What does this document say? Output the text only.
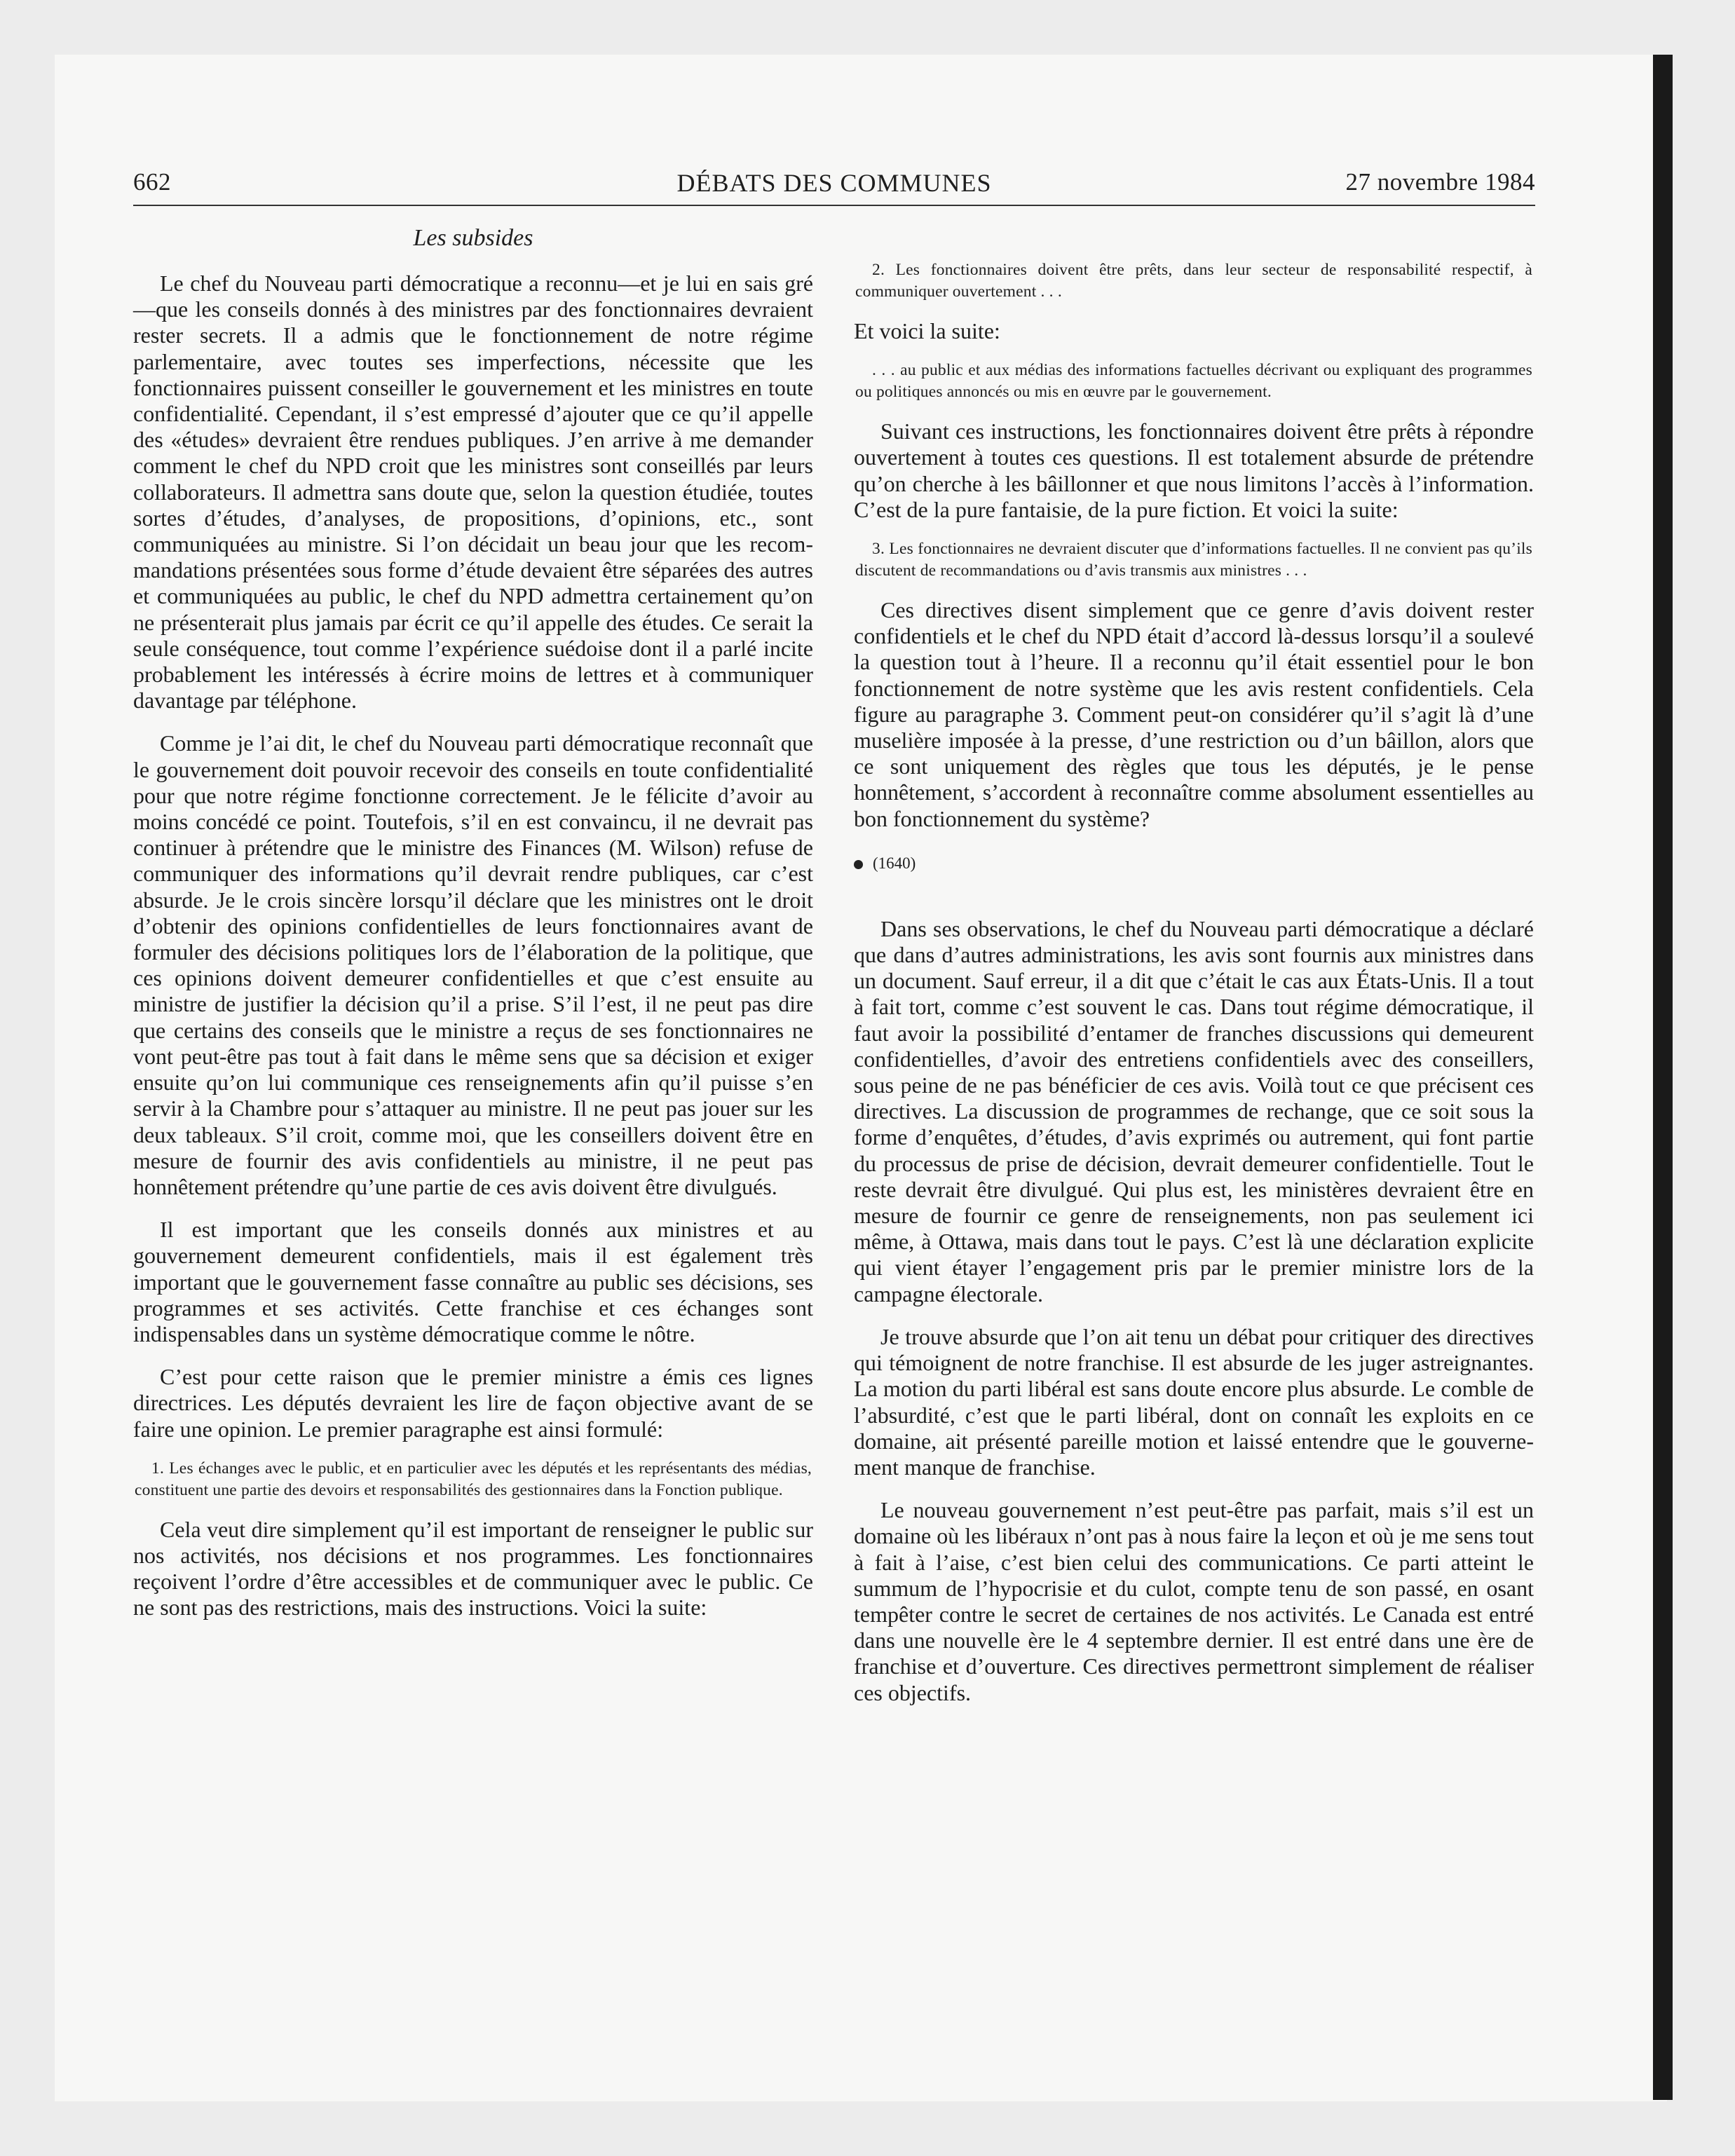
662	DÉBATS DES COMMUNES	27 novembre 1984

Les subsides

Le chef du Nouveau parti démocratique a reconnu—et je lui en sais gré—que les conseils donnés à des ministres par des fonctionnaires devraient rester secrets. Il a admis que le fonctionnement de notre régime parlementaire, avec toutes ses imperfections, nécessite que les fonctionnaires puissent conseiller le gouvernement et les ministres en toute confidentialité. Cependant, il s’est empressé d’ajouter que ce qu’il appelle des «études» devraient être rendues publiques. J’en arrive à me demander comment le chef du NPD croit que les ministres sont conseillés par leurs collaborateurs. Il admettra sans doute que, selon la question étudiée, toutes sortes d’études, d’analyses, de propositions, d’opinions, etc., sont communiquées au ministre. Si l’on décidait un beau jour que les recommandations présentées sous forme d’étude devaient être séparées des autres et communiquées au public, le chef du NPD admettra certainement qu’on ne présenterait plus jamais par écrit ce qu’il appelle des études. Ce serait la seule conséquence, tout comme l’expérience suédoise dont il a parlé incite probablement les intéressés à écrire moins de lettres et à communiquer davantage par téléphone.

Comme je l’ai dit, le chef du Nouveau parti démocratique reconnaît que le gouvernement doit pouvoir recevoir des conseils en toute confidentialité pour que notre régime fonctionne correctement. Je le félicite d’avoir au moins concédé ce point. Toutefois, s’il en est convaincu, il ne devrait pas continuer à prétendre que le ministre des Finances (M. Wilson) refuse de communiquer des informations qu’il devrait rendre publiques, car c’est absurde. Je le crois sincère lorsqu’il déclare que les ministres ont le droit d’obtenir des opinions confidentielles de leurs fonctionnaires avant de formuler des décisions politiques lors de l’élaboration de la politique, que ces opinions doivent demeurer confidentielles et que c’est ensuite au ministre de justifier la décision qu’il a prise. S’il l’est, il ne peut pas dire que certains des conseils que le ministre a reçus de ses fonctionnaires ne vont peut-être pas tout à fait dans le même sens que sa décision et exiger ensuite qu’on lui communique ces renseignements afin qu’il puisse s’en servir à la Chambre pour s’attaquer au ministre. Il ne peut pas jouer sur les deux tableaux. S’il croit, comme moi, que les conseillers doivent être en mesure de fournir des avis confidentiels au ministre, il ne peut pas honnêtement prétendre qu’une partie de ces avis doivent être divulgués.

Il est important que les conseils donnés aux ministres et au gouvernement demeurent confidentiels, mais il est également très important que le gouvernement fasse connaître au public ses décisions, ses programmes et ses activités. Cette franchise et ces échanges sont indispensables dans un système démocratique comme le nôtre.

C’est pour cette raison que le premier ministre a émis ces lignes directrices. Les députés devraient les lire de façon objective avant de se faire une opinion. Le premier paragraphe est ainsi formulé:

1. Les échanges avec le public, et en particulier avec les députés et les représentants des médias, constituent une partie des devoirs et responsabilités des gestionnaires dans la Fonction publique.

Cela veut dire simplement qu’il est important de renseigner le public sur nos activités, nos décisions et nos programmes. Les fonctionnaires reçoivent l’ordre d’être accessibles et de communiquer avec le public. Ce ne sont pas des restrictions, mais des instructions. Voici la suite:

2. Les fonctionnaires doivent être prêts, dans leur secteur de responsabilité respectif, à communiquer ouvertement . . .

Et voici la suite:

. . . au public et aux médias des informations factuelles décrivant ou expliquant des programmes ou politiques annoncés ou mis en œuvre par le gouvernement.

Suivant ces instructions, les fonctionnaires doivent être prêts à répondre ouvertement à toutes ces questions. Il est totalement absurde de prétendre qu’on cherche à les bâillonner et que nous limitons l’accès à l’information. C’est de la pure fantaisie, de la pure fiction. Et voici la suite:

3. Les fonctionnaires ne devraient discuter que d’informations factuelles. Il ne convient pas qu’ils discutent de recommandations ou d’avis transmis aux ministres . . .

Ces directives disent simplement que ce genre d’avis doivent rester confidentiels et le chef du NPD était d’accord là-dessus lorsqu’il a soulevé la question tout à l’heure. Il a reconnu qu’il était essentiel pour le bon fonctionnement de notre système que les avis restent confidentiels. Cela figure au paragraphe 3. Comment peut-on considérer qu’il s’agit là d’une muselière imposée à la presse, d’une restriction ou d’un bâillon, alors que ce sont uniquement des règles que tous les députés, je le pense honnêtement, s’accordent à reconnaître comme absolument essentielles au bon fonctionnement du système?

(1640)

Dans ses observations, le chef du Nouveau parti démocratique a déclaré que dans d’autres administrations, les avis sont fournis aux ministres dans un document. Sauf erreur, il a dit que c’était le cas aux États-Unis. Il a tout à fait tort, comme c’est souvent le cas. Dans tout régime démocratique, il faut avoir la possibilité d’entamer de franches discussions qui demeurent confidentielles, d’avoir des entretiens confidentiels avec des conseillers, sous peine de ne pas bénéficier de ces avis. Voilà tout ce que précisent ces directives. La discussion de programmes de rechange, que ce soit sous la forme d’enquêtes, d’études, d’avis exprimés ou autrement, qui font partie du processus de prise de décision, devrait demeurer confidentielle. Tout le reste devrait être divulgué. Qui plus est, les ministères devraient être en mesure de fournir ce genre de renseignements, non pas seulement ici même, à Ottawa, mais dans tout le pays. C’est là une déclaration explicite qui vient étayer l’engagement pris par le premier ministre lors de la campagne électorale.

Je trouve absurde que l’on ait tenu un débat pour critiquer des directives qui témoignent de notre franchise. Il est absurde de les juger astreignantes. La motion du parti libéral est sans doute encore plus absurde. Le comble de l’absurdité, c’est que le parti libéral, dont on connaît les exploits en ce domaine, ait présenté pareille motion et laissé entendre que le gouvernement manque de franchise.

Le nouveau gouvernement n’est peut-être pas parfait, mais s’il est un domaine où les libéraux n’ont pas à nous faire la leçon et où je me sens tout à fait à l’aise, c’est bien celui des communications. Ce parti atteint le summum de l’hypocrisie et du culot, compte tenu de son passé, en osant tempêter contre le secret de certaines de nos activités. Le Canada est entré dans une nouvelle ère le 4 septembre dernier. Il est entré dans une ère de franchise et d’ouverture. Ces directives permettront simplement de réaliser ces objectifs.
